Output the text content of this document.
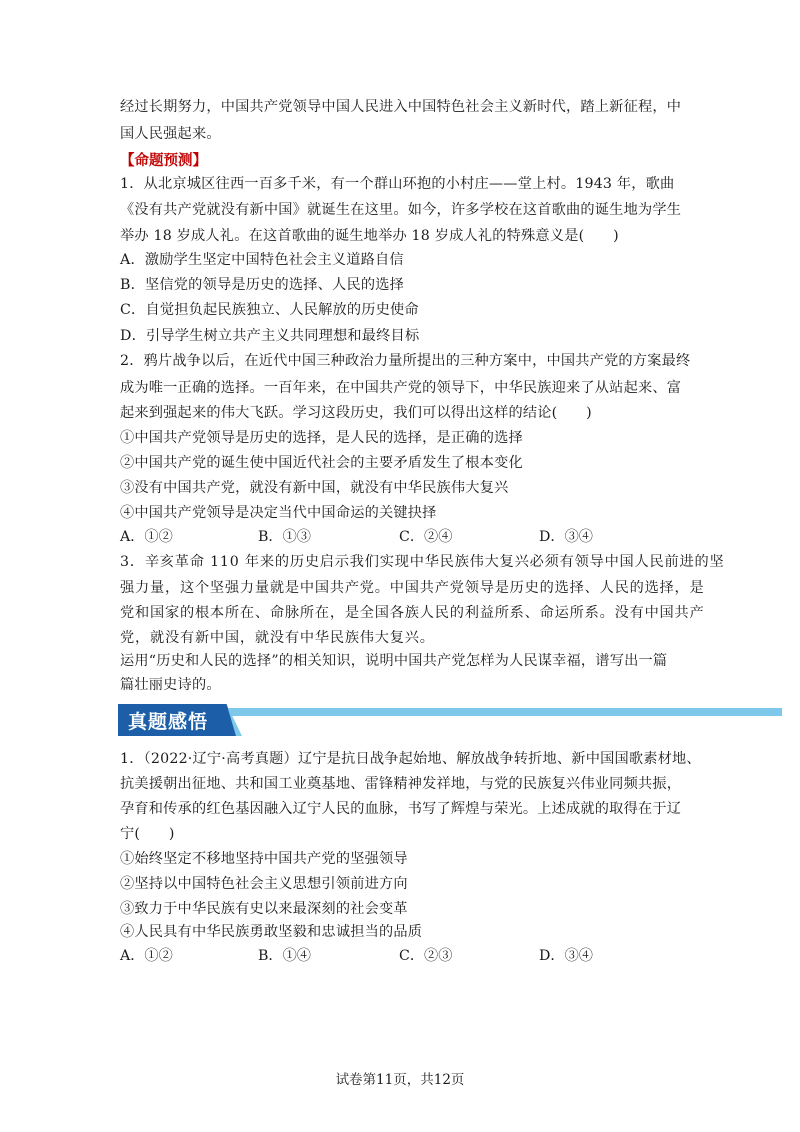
经过长期努力，中国共产党领导中国人民进入中国特色社会主义新时代，踏上新征程，中
国人民强起来。
【命题预测】
1．从北京城区往西一百多千米，有一个群山环抱的小村庄——堂上村。1943 年，歌曲
《没有共产党就没有新中国》就诞生在这里。如今，许多学校在这首歌曲的诞生地为学生
举办 18 岁成人礼。在这首歌曲的诞生地举办 18 岁成人礼的特殊意义是(　　)
A．激励学生坚定中国特色社会主义道路自信
B．坚信党的领导是历史的选择、人民的选择
C．自觉担负起民族独立、人民解放的历史使命
D．引导学生树立共产主义共同理想和最终目标
2．鸦片战争以后，在近代中国三种政治力量所提出的三种方案中，中国共产党的方案最终
成为唯一正确的选择。一百年来，在中国共产党的领导下，中华民族迎来了从站起来、富
起来到强起来的伟大飞跃。学习这段历史，我们可以得出这样的结论(　　)
①中国共产党领导是历史的选择，是人民的选择，是正确的选择
②中国共产党的诞生使中国近代社会的主要矛盾发生了根本变化
③没有中国共产党，就没有新中国，就没有中华民族伟大复兴
④中国共产党领导是决定当代中国命运的关键抉择
A．①②	B．①③	C．②④	D．③④
3．辛亥革命 110 年来的历史启示我们实现中华民族伟大复兴必须有领导中国人民前进的坚
强力量，这个坚强力量就是中国共产党。中国共产党领导是历史的选择、人民的选择，是
党和国家的根本所在、命脉所在，是全国各族人民的利益所系、命运所系。没有中国共产
党，就没有新中国，就没有中华民族伟大复兴。
运用“历史和人民的选择”的相关知识，说明中国共产党怎样为人民谋幸福，谱写出一篇
篇壮丽史诗的。
真题感悟
1．（2022·辽宁·高考真题）辽宁是抗日战争起始地、解放战争转折地、新中国国歌素材地、
抗美援朝出征地、共和国工业奠基地、雷锋精神发祥地，与党的民族复兴伟业同频共振，
孕育和传承的红色基因融入辽宁人民的血脉，书写了辉煌与荣光。上述成就的取得在于辽
宁(　　)
①始终坚定不移地坚持中国共产党的坚强领导
②坚持以中国特色社会主义思想引领前进方向
③致力于中华民族有史以来最深刻的社会变革
④人民具有中华民族勇敢坚毅和忠诚担当的品质
A．①②	B．①④	C．②③	D．③④
试卷第11页，共12页
